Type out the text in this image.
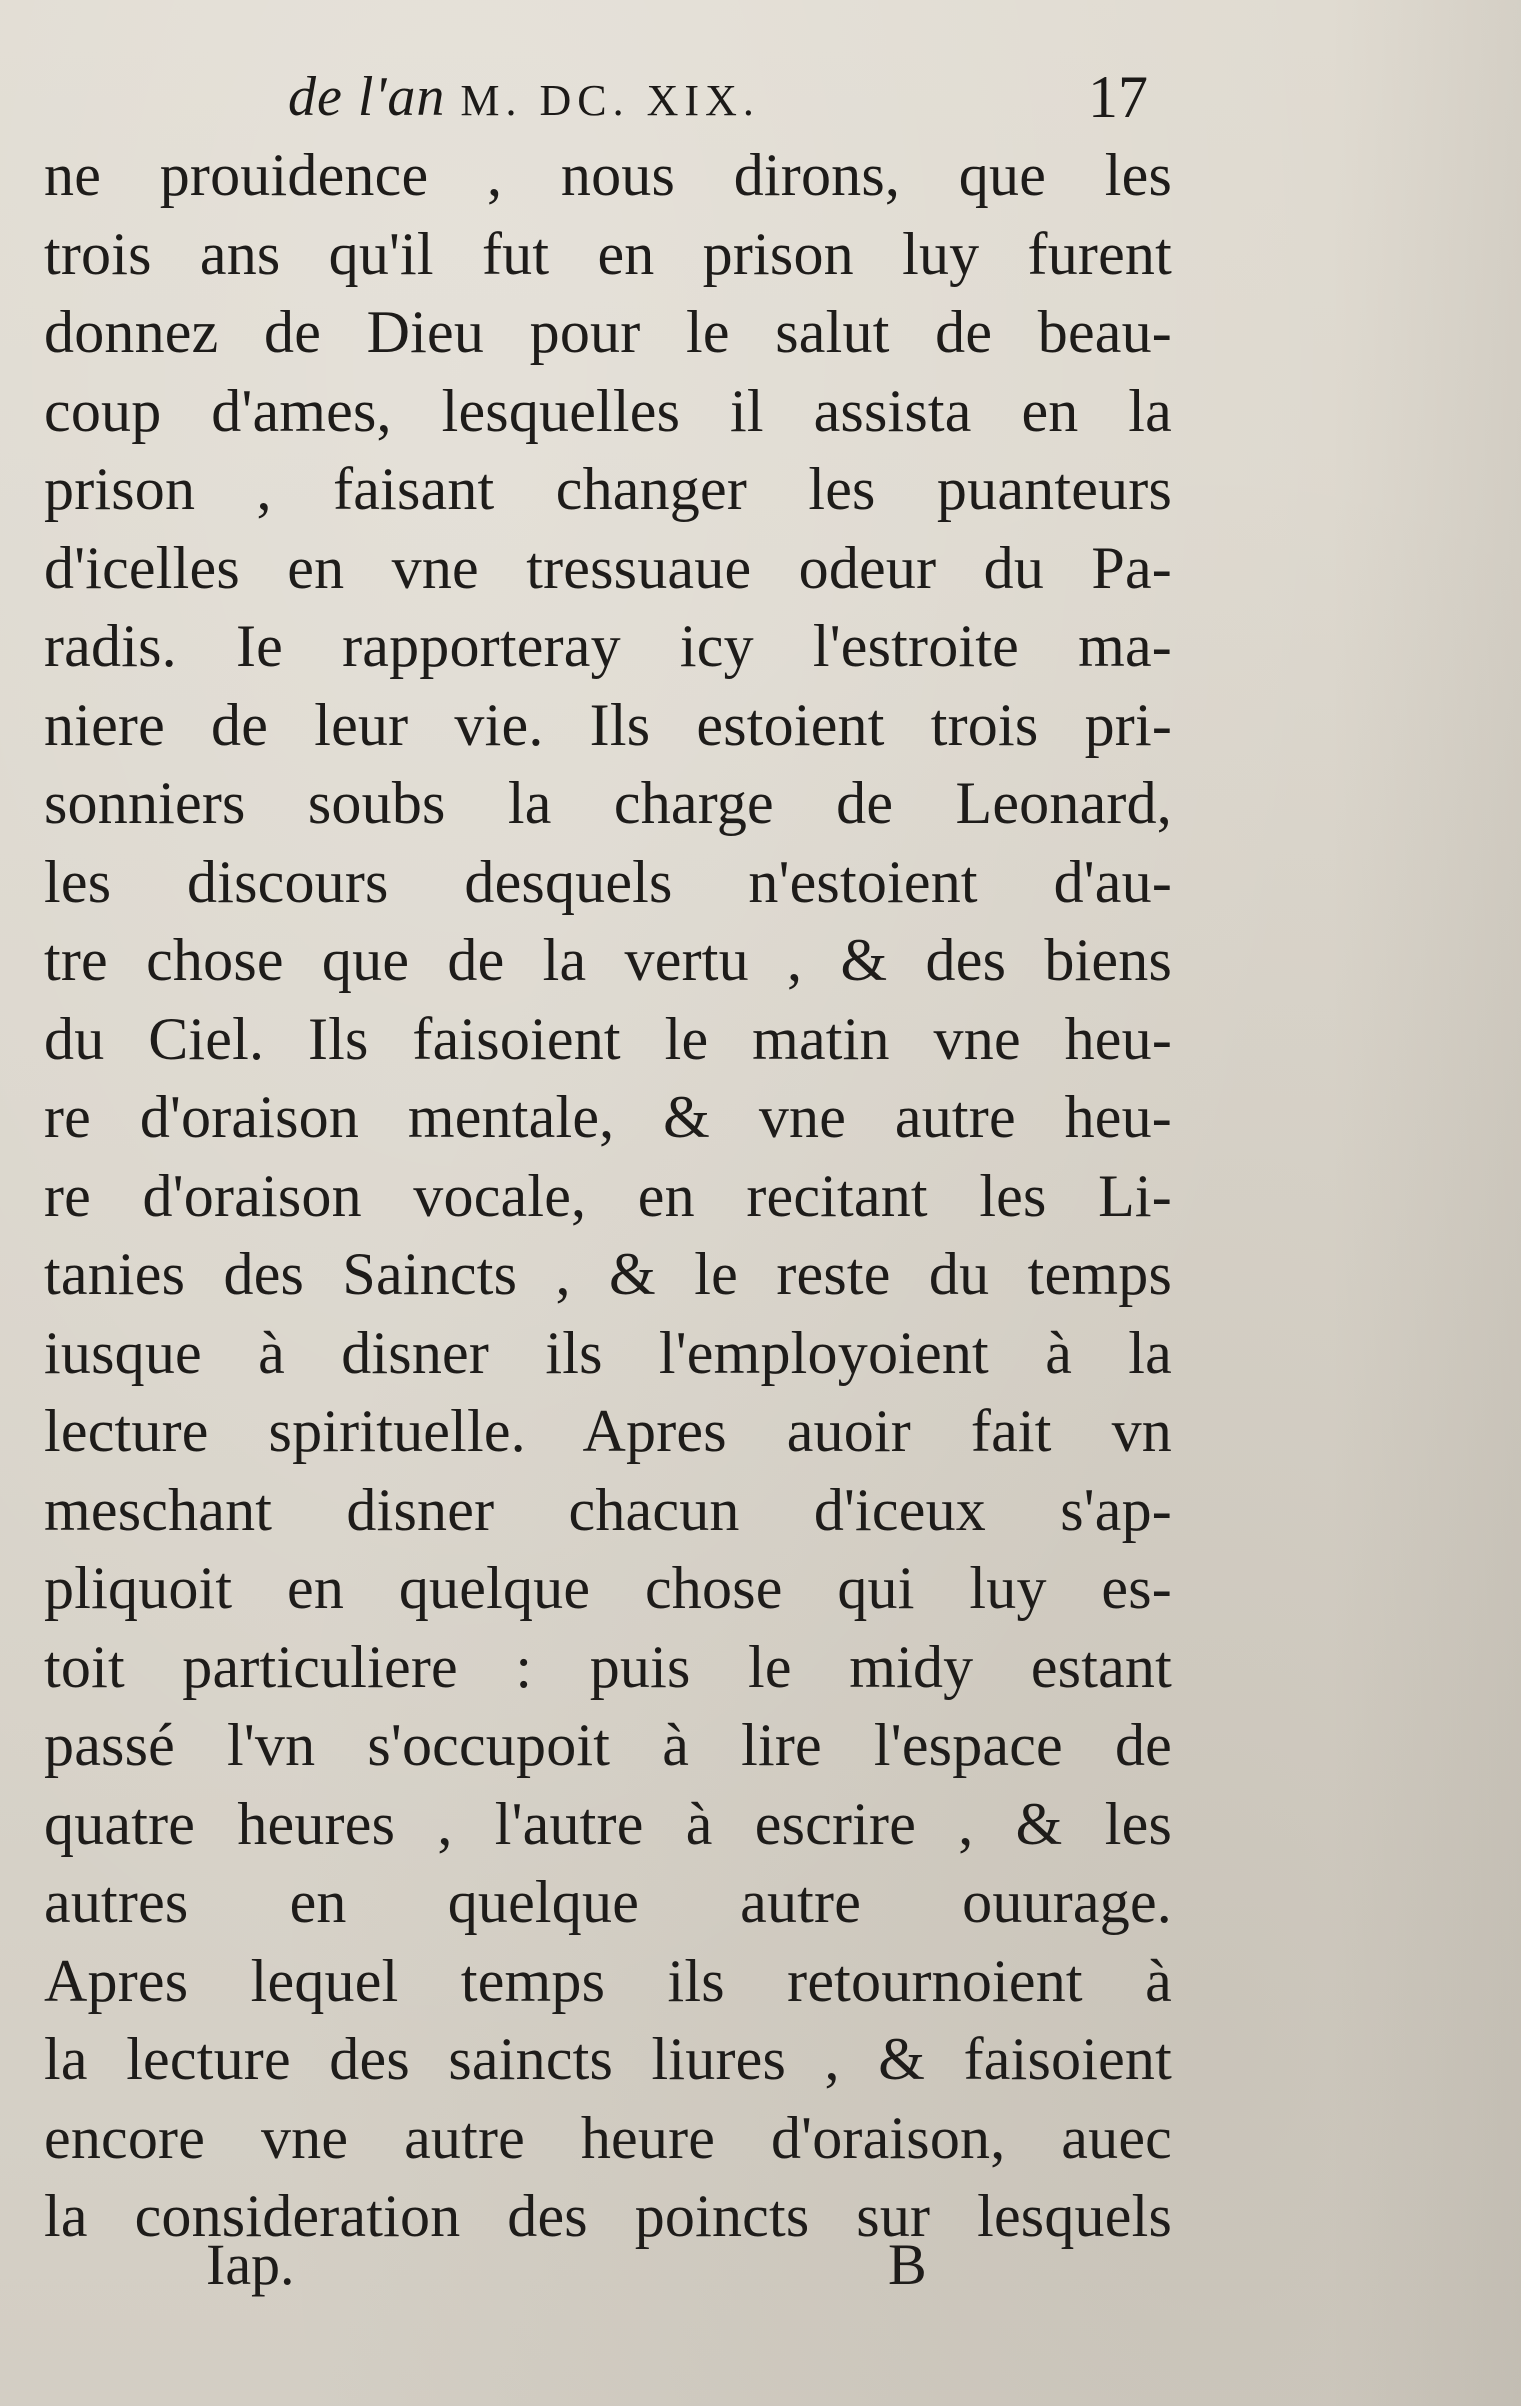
de l'an M. DC. XIX.	17
ne prouidence , nous dirons, que les
trois ans qu'il fut en prison luy furent
donnez de Dieu pour le salut de beau-
coup d'ames, lesquelles il assista en la
prison , faisant changer les puanteurs
d'icelles en vne tressuaue odeur du Pa-
radis. Ie rapporteray icy l'estroite ma-
niere de leur vie. Ils estoient trois pri-
sonniers soubs la charge de Leonard,
les discours desquels n'estoient d'au-
tre chose que de la vertu , & des biens
du Ciel. Ils faisoient le matin vne heu-
re d'oraison mentale, & vne autre heu-
re d'oraison vocale, en recitant les Li-
tanies des Saincts , & le reste du temps
iusque à disner ils l'employoient à la
lecture spirituelle. Apres auoir fait vn
meschant disner chacun d'iceux s'ap-
pliquoit en quelque chose qui luy es-
toit particuliere : puis le midy estant
passé l'vn s'occupoit à lire l'espace de
quatre heures , l'autre à escrire , & les
autres en quelque autre ouurage.
Apres lequel temps ils retournoient à
la lecture des saincts liures , & faisoient
encore vne autre heure d'oraison, auec
la consideration des poincts sur lesquels
Iap.	B
